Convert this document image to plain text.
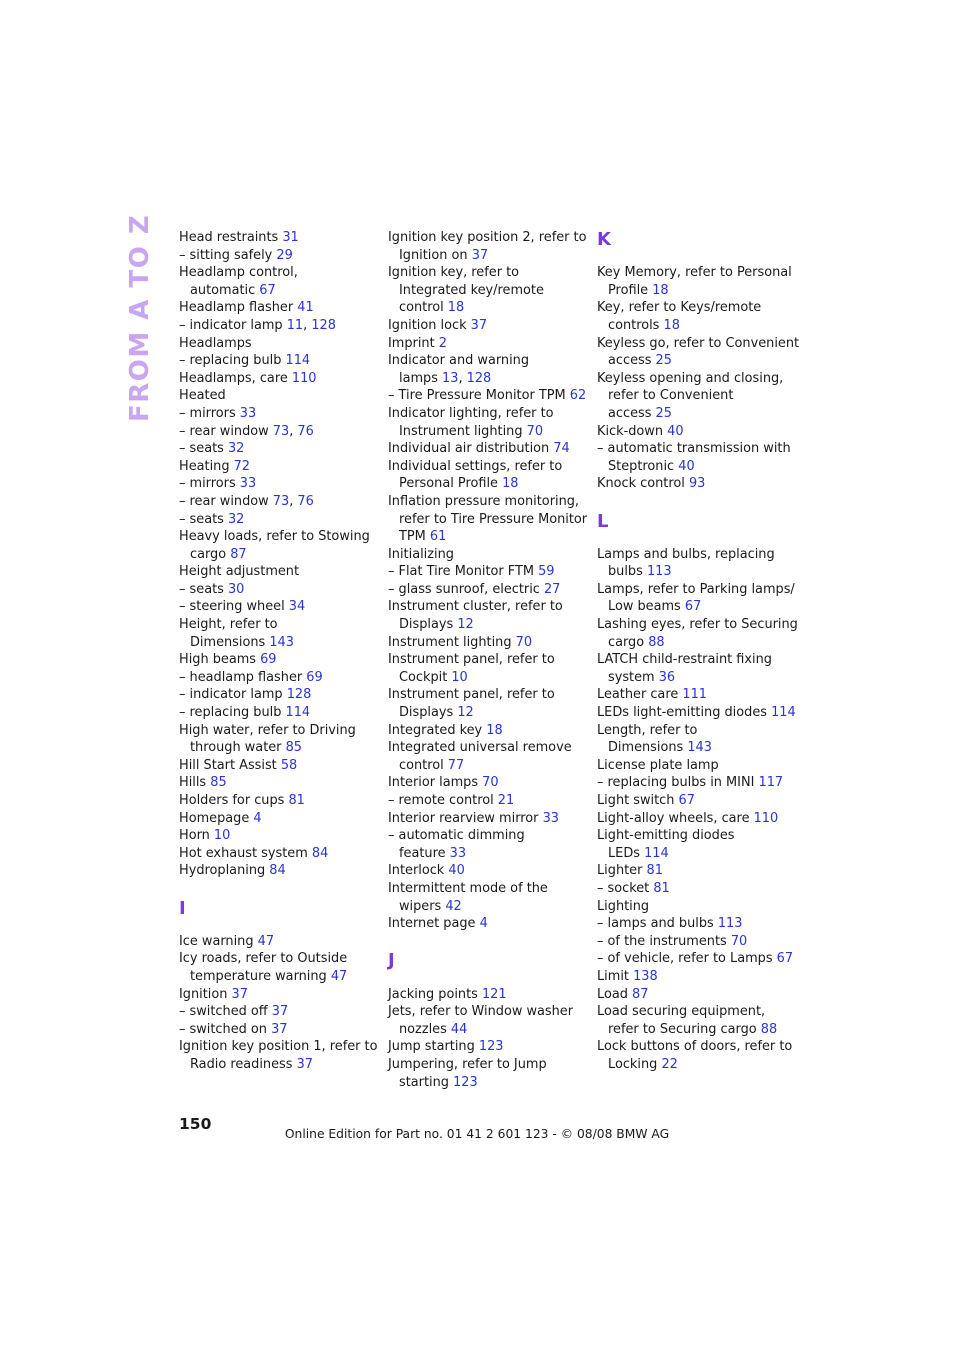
FROM A TO Z	Head restraints 31
– sitting safely 29
Headlamp control,
automatic 67
Headlamp flasher 41
– indicator lamp 11, 128
Headlamps
– replacing bulb 114
Headlamps, care 110
Heated
– mirrors 33
– rear window 73, 76
– seats 32
Heating 72
– mirrors 33
– rear window 73, 76
– seats 32
Heavy loads, refer to Stowing
cargo 87
Height adjustment
– seats 30
– steering wheel 34
Height, refer to
Dimensions 143
High beams 69
– headlamp flasher 69
– indicator lamp 128
– replacing bulb 114
High water, refer to Driving
through water 85
Hill Start Assist 58
Hills 85
Holders for cups 81
Homepage 4
Horn 10
Hot exhaust system 84
Hydroplaning 84
I
Ice warning 47
Icy roads, refer to Outside
temperature warning 47
Ignition 37
– switched off 37
– switched on 37
Ignition key position 1, refer to
Radio readiness 37
Ignition key position 2, refer to
Ignition on 37
Ignition key, refer to
Integrated key/remote
control 18
Ignition lock 37
Imprint 2
Indicator and warning
lamps 13, 128
– Tire Pressure Monitor TPM 62
Indicator lighting, refer to
Instrument lighting 70
Individual air distribution 74
Individual settings, refer to
Personal Profile 18
Inflation pressure monitoring,
refer to Tire Pressure Monitor
TPM 61
Initializing
– Flat Tire Monitor FTM 59
– glass sunroof, electric 27
Instrument cluster, refer to
Displays 12
Instrument lighting 70
Instrument panel, refer to
Cockpit 10
Instrument panel, refer to
Displays 12
Integrated key 18
Integrated universal remove
control 77
Interior lamps 70
– remote control 21
Interior rearview mirror 33
– automatic dimming
feature 33
Interlock 40
Intermittent mode of the
wipers 42
Internet page 4
J
Jacking points 121
Jets, refer to Window washer
nozzles 44
Jump starting 123
Jumpering, refer to Jump
starting 123
K
Key Memory, refer to Personal
Profile 18
Key, refer to Keys/remote
controls 18
Keyless go, refer to Convenient
access 25
Keyless opening and closing,
refer to Convenient
access 25
Kick-down 40
– automatic transmission with
Steptronic 40
Knock control 93
L
Lamps and bulbs, replacing
bulbs 113
Lamps, refer to Parking lamps/
Low beams 67
Lashing eyes, refer to Securing
cargo 88
LATCH child-restraint fixing
system 36
Leather care 111
LEDs light-emitting diodes 114
Length, refer to
Dimensions 143
License plate lamp
– replacing bulbs in MINI 117
Light switch 67
Light-alloy wheels, care 110
Light-emitting diodes
LEDs 114
Lighter 81
– socket 81
Lighting
– lamps and bulbs 113
– of the instruments 70
– of vehicle, refer to Lamps 67
Limit 138
Load 87
Load securing equipment,
refer to Securing cargo 88
Lock buttons of doors, refer to
Locking 22
150
Online Edition for Part no. 01 41 2 601 123 - © 08/08 BMW AG
